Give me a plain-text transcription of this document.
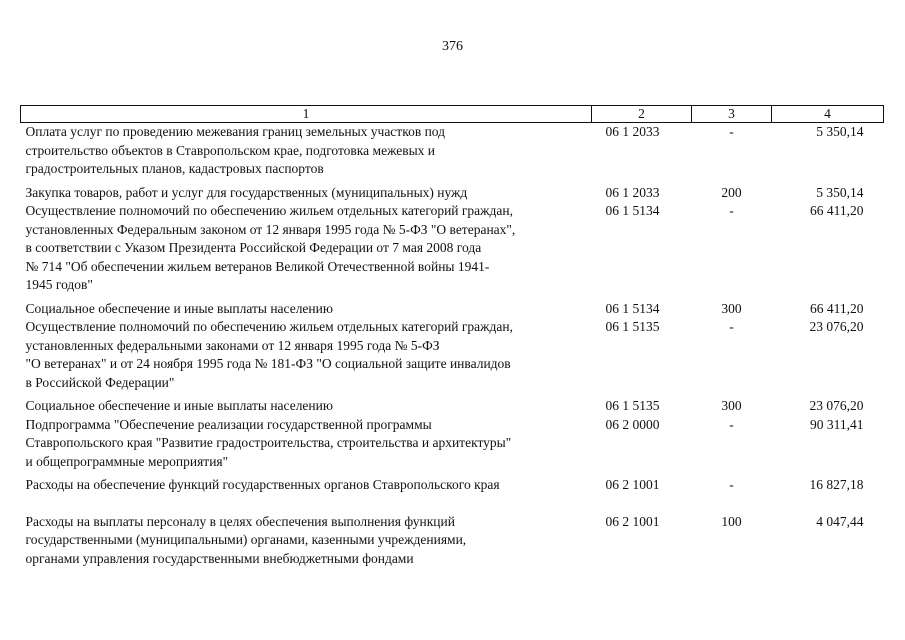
376
1	2	3	4
Оплата услуг по проведению межевания границ земельных участков под
строительство объектов в Ставропольском крае, подготовка межевых и
градостроительных планов, кадастровых паспортов	06 1 2033	-	5 350,14
Закупка товаров, работ и услуг для государственных (муниципальных) нужд	06 1 2033	200	5 350,14
Осуществление полномочий по обеспечению жильем отдельных категорий граждан,
установленных Федеральным законом от 12 января 1995 года № 5-ФЗ "О ветеранах",
в соответствии с Указом Президента Российской Федерации от 7 мая 2008 года
№ 714 "Об обеспечении жильем ветеранов Великой Отечественной войны 1941-
1945 годов"	06 1 5134	-	66 411,20
Социальное обеспечение и иные выплаты населению	06 1 5134	300	66 411,20
Осуществление полномочий по обеспечению жильем отдельных категорий граждан,
установленных федеральными законами от 12 января 1995 года № 5-ФЗ
"О ветеранах" и от 24 ноября 1995 года № 181-ФЗ "О социальной защите инвалидов
в Российской Федерации"	06 1 5135	-	23 076,20
Социальное обеспечение и иные выплаты населению	06 1 5135	300	23 076,20
Подпрограмма "Обеспечение реализации государственной программы
Ставропольского края "Развитие градостроительства, строительства и архитектуры"
и общепрограммные мероприятия"	06 2 0000	-	90 311,41
Расходы на обеспечение функций государственных органов Ставропольского края	06 2 1001	-	16 827,18
Расходы на выплаты персоналу в целях обеспечения выполнения функций
государственными (муниципальными) органами, казенными учреждениями,
органами управления государственными внебюджетными фондами	06 2 1001	100	4 047,44
